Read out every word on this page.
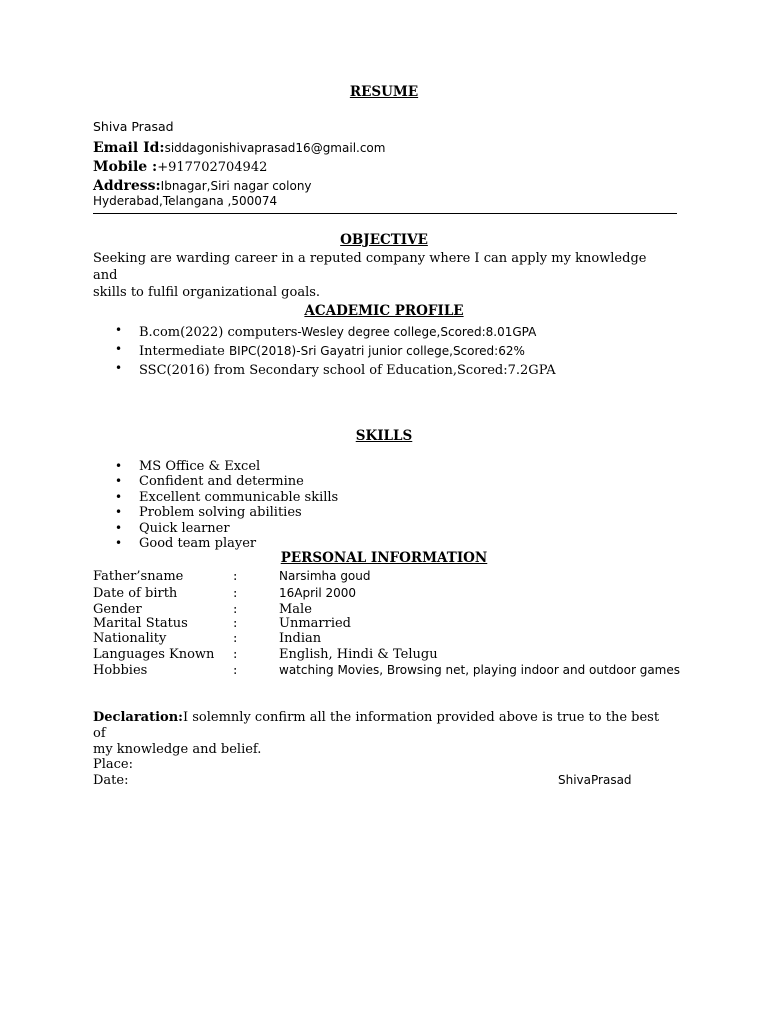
RESUME
Shiva Prasad
Email Id:siddagonishivaprasad16@gmail.com
Mobile :+917702704942
Address:Ibnagar,Siri nagar colony
Hyderabad,Telangana ,500074
OBJECTIVE
Seeking are warding career in a reputed company where I can apply my knowledge and
skills to fulfil organizational goals.
ACADEMIC PROFILE
• B.com(2022) computers-Wesley degree college,Scored:8.01GPA
• Intermediate BIPC(2018)-Sri Gayatri junior college,Scored:62%
• SSC(2016) from Secondary school of Education,Scored:7.2GPA
SKILLS
• MS Office & Excel
• Confident and determine
• Excellent communicable skills
• Problem solving abilities
• Quick learner
• Good team player
PERSONAL INFORMATION
Father’sname	:	Narsimha goud
Date of birth	:	16April 2000
Gender	:	Male
Marital Status	:	Unmarried
Nationality	:	Indian
Languages Known	:	English, Hindi & Telugu
Hobbies	:	watching Movies, Browsing net, playing indoor and outdoor games
Declaration:I solemnly confirm all the information provided above is true to the best of
my knowledge and belief.
Place:
Date:	ShivaPrasad
